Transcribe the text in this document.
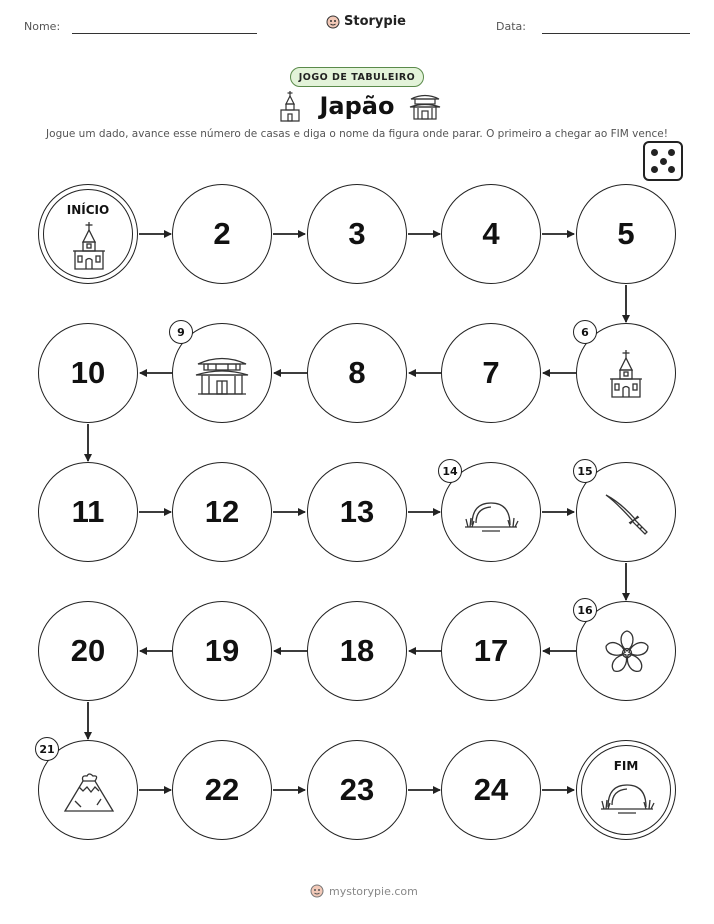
Nome:	Storypie	Data:
JOGO DE TABULEIRO
Japão
Jogue um dado, avance esse número de casas e diga o nome da figura onde parar. O primeiro a chegar ao FIM vence!
INÍCIO
2	3	4	5
10
9
8	7
6
11	12	13
14	15
20	19	18	17
16
21
22	23	24
FIM
mystorypie.com
